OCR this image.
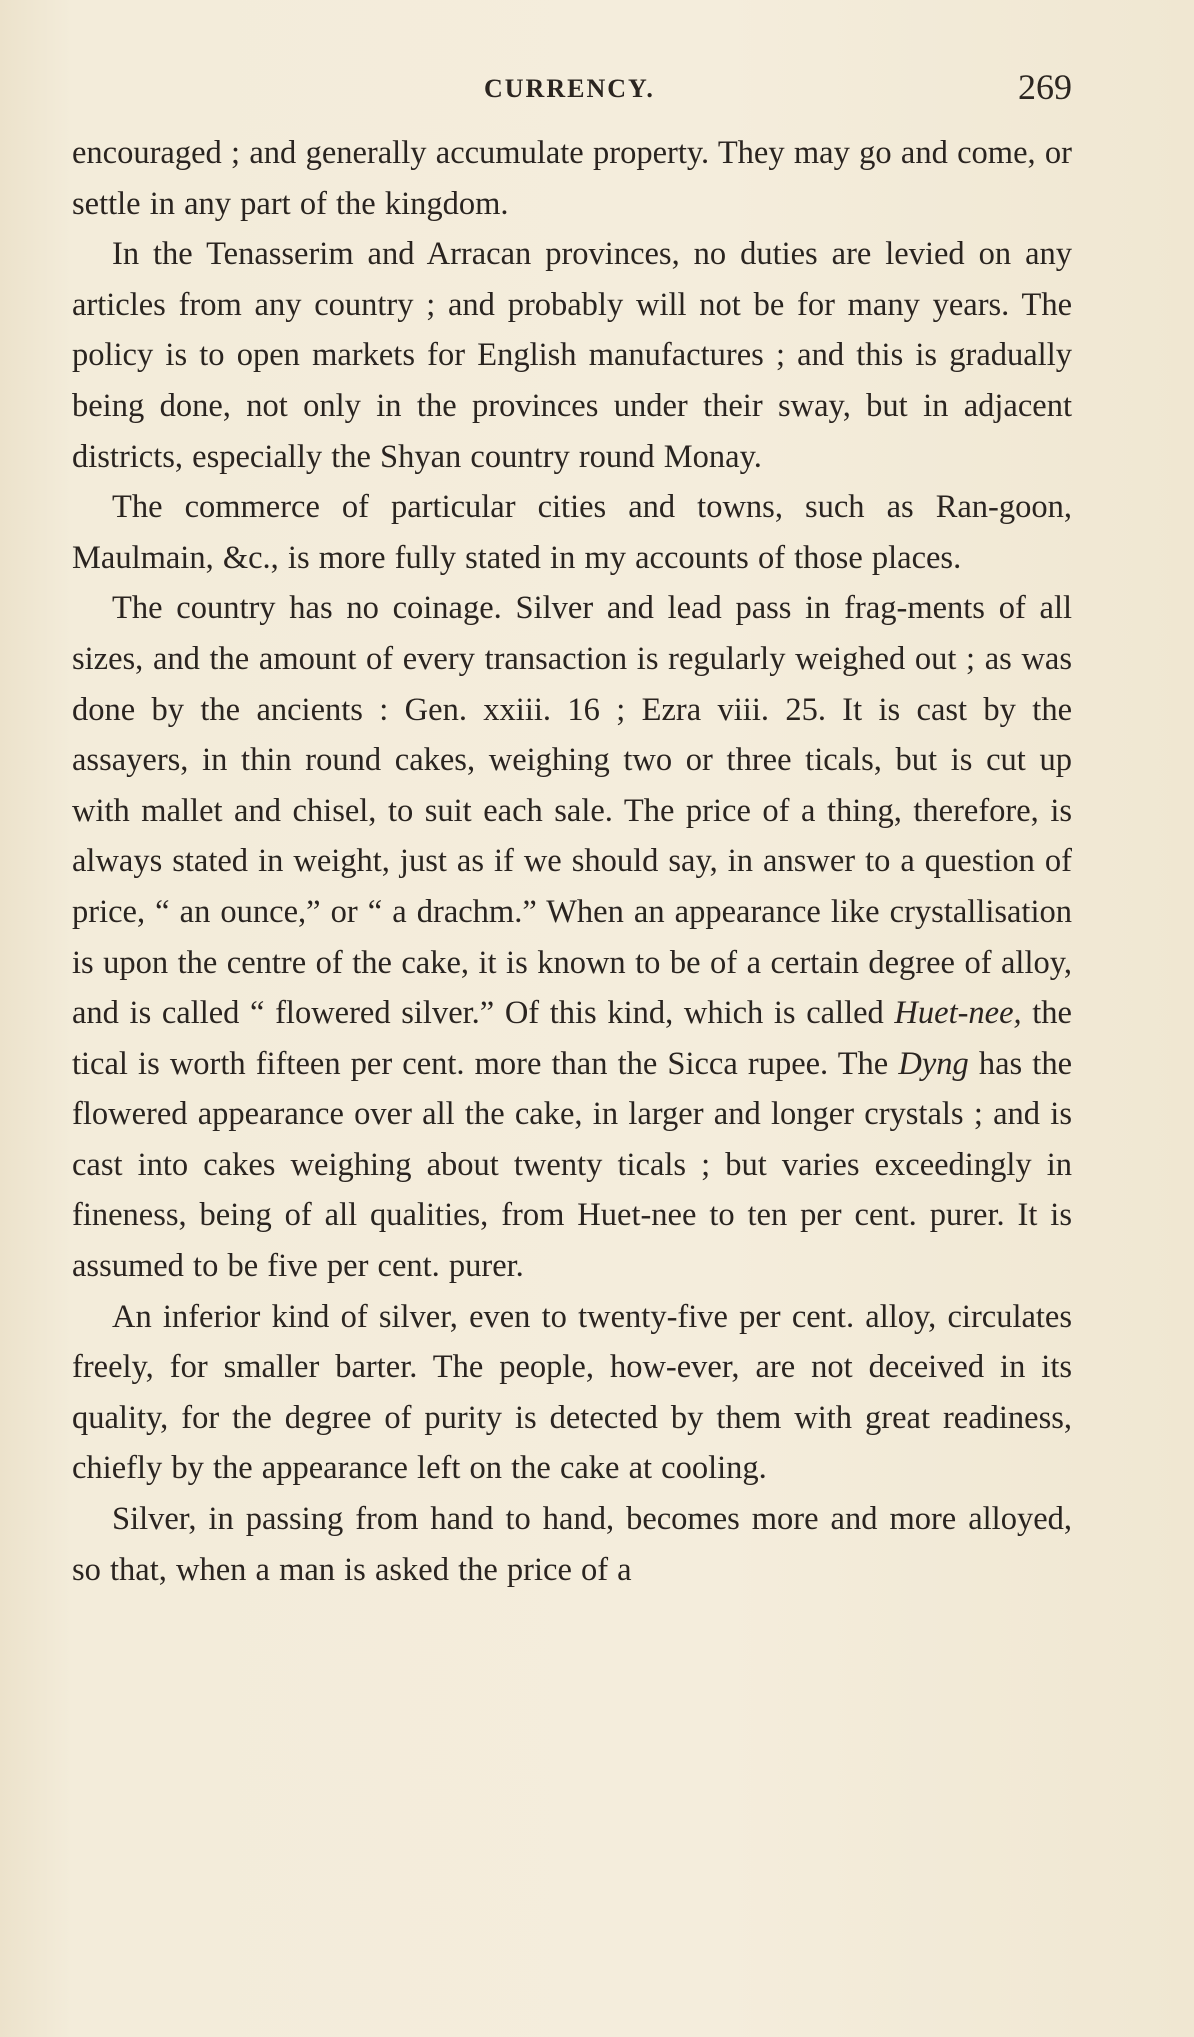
CURRENCY.	269

encouraged ; and generally accumulate property. They may go and come, or settle in any part of the kingdom.

In the Tenasserim and Arracan provinces, no duties are levied on any articles from any country ; and probably will not be for many years. The policy is to open markets for English manufactures ; and this is gradually being done, not only in the provinces under their sway, but in adjacent districts, especially the Shyan country round Monay.

The commerce of particular cities and towns, such as Ran-goon, Maulmain, &c., is more fully stated in my accounts of those places.

The country has no coinage. Silver and lead pass in frag-ments of all sizes, and the amount of every transaction is regularly weighed out ; as was done by the ancients : Gen. xxiii. 16 ; Ezra viii. 25. It is cast by the assayers, in thin round cakes, weighing two or three ticals, but is cut up with mallet and chisel, to suit each sale. The price of a thing, therefore, is always stated in weight, just as if we should say, in answer to a question of price, “ an ounce,” or “ a drachm.” When an appearance like crystallisation is upon the centre of the cake, it is known to be of a certain degree of alloy, and is called “ flowered silver.” Of this kind, which is called Huet-nee, the tical is worth fifteen per cent. more than the Sicca rupee. The Dyng has the flowered appearance over all the cake, in larger and longer crystals ; and is cast into cakes weighing about twenty ticals ; but varies exceedingly in fineness, being of all qualities, from Huet-nee to ten per cent. purer. It is assumed to be five per cent. purer.

An inferior kind of silver, even to twenty-five per cent. alloy, circulates freely, for smaller barter. The people, how-ever, are not deceived in its quality, for the degree of purity is detected by them with great readiness, chiefly by the appearance left on the cake at cooling.

Silver, in passing from hand to hand, becomes more and more alloyed, so that, when a man is asked the price of a
